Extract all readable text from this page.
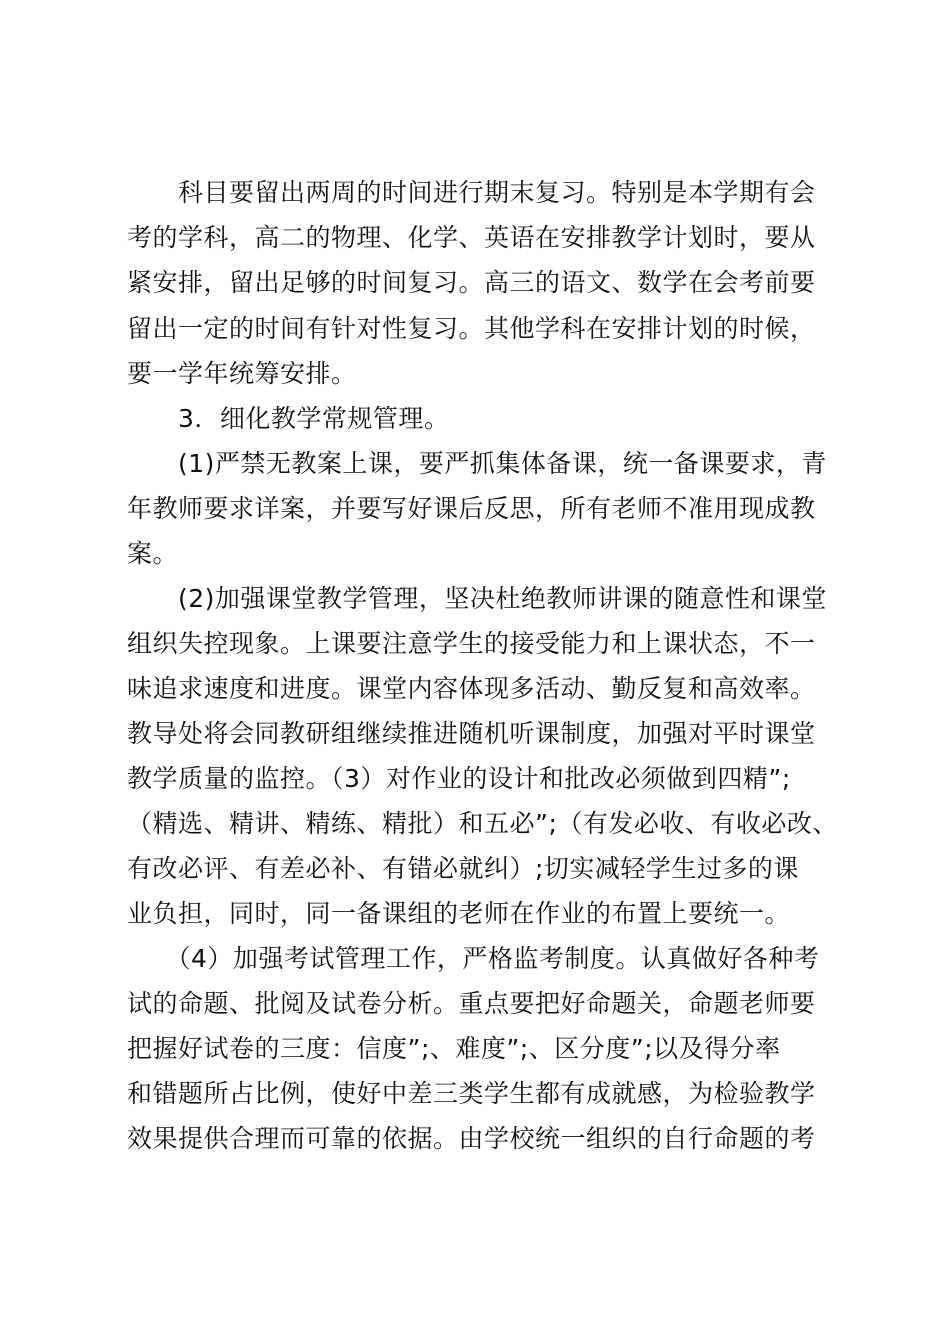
　　科目要留出两周的时间进行期末复习。特别是本学期有会
考的学科，高二的物理、化学、英语在安排教学计划时，要从
紧安排，留出足够的时间复习。高三的语文、数学在会考前要
留出一定的时间有针对性复习。其他学科在安排计划的时候，
要一学年统筹安排。
　　3．细化教学常规管理。
　　(1)严禁无教案上课，要严抓集体备课，统一备课要求，青
年教师要求详案，并要写好课后反思，所有老师不准用现成教
案。
　　(2)加强课堂教学管理，坚决杜绝教师讲课的随意性和课堂
组织失控现象。上课要注意学生的接受能力和上课状态，不一
味追求速度和进度。课堂内容体现多活动、勤反复和高效率。
教导处将会同教研组继续推进随机听课制度，加强对平时课堂
教学质量的监控。（3）对作业的设计和批改必须做到四精”;
（精选、精讲、精练、精批）和五必”;（有发必收、有收必改、
有改必评、有差必补、有错必就纠）;切实减轻学生过多的课
业负担，同时，同一备课组的老师在作业的布置上要统一。
　　（4）加强考试管理工作，严格监考制度。认真做好各种考
试的命题、批阅及试卷分析。重点要把好命题关，命题老师要
把握好试卷的三度：信度”;、难度”;、区分度”;以及得分率
和错题所占比例，使好中差三类学生都有成就感，为检验教学
效果提供合理而可靠的依据。由学校统一组织的自行命题的考
